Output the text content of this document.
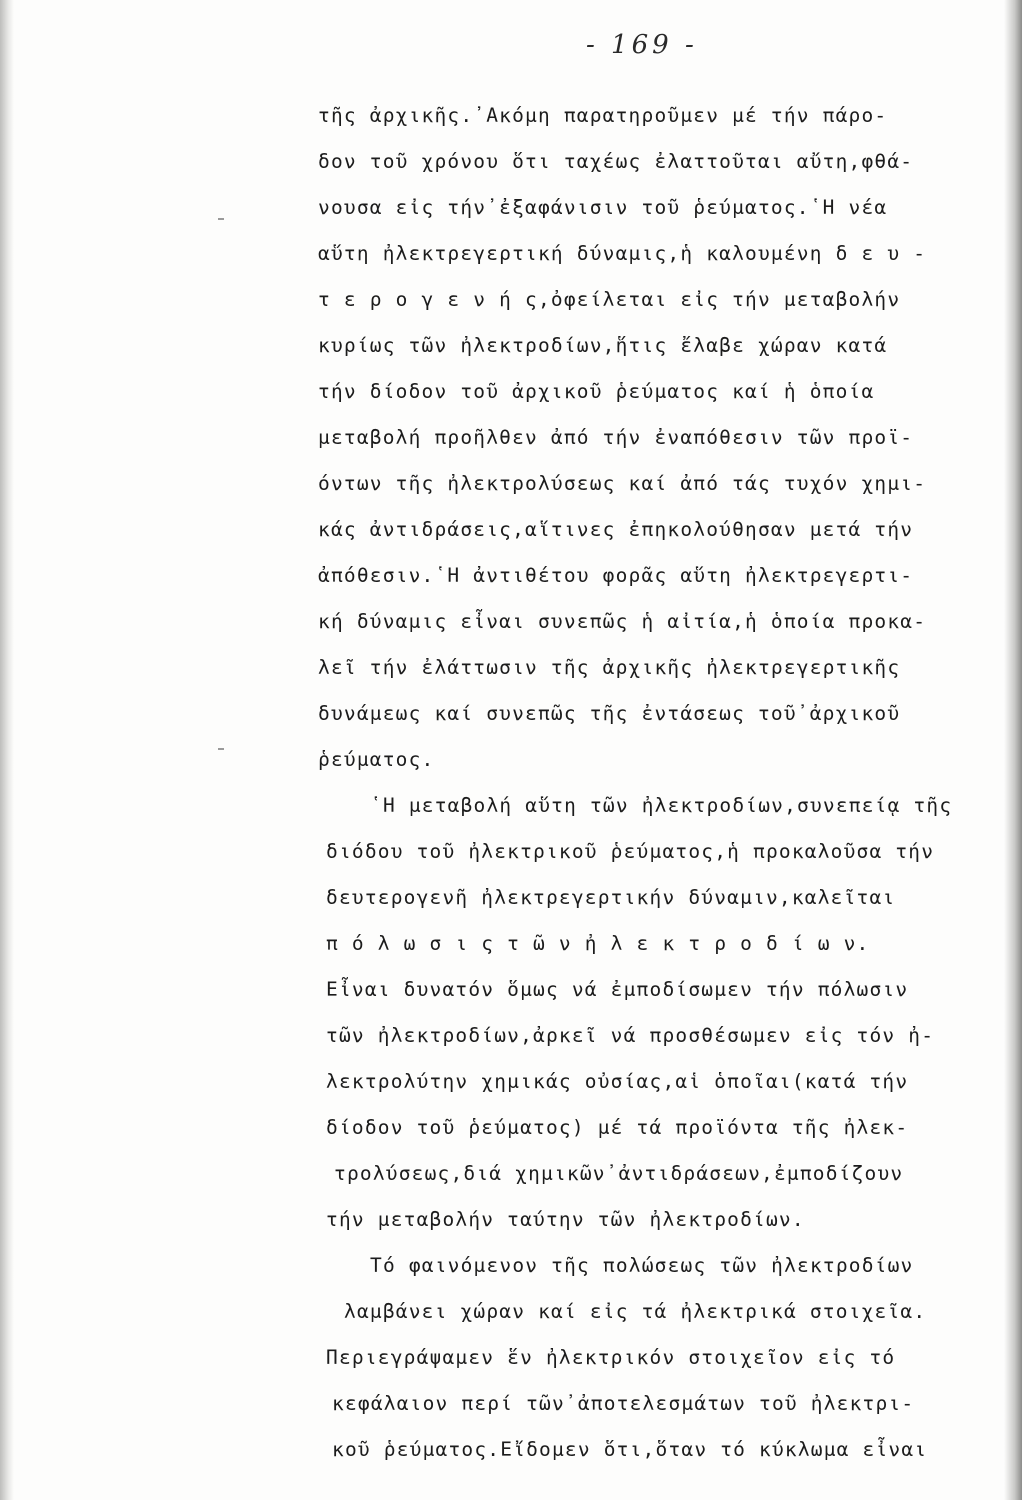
- 169 -
τῆς ἀρχικῆς.᾿Ακόμη παρατηροῦμεν μέ τήν πάρο-
δον τοῦ χρόνου ὅτι ταχέως ἐλαττοῦται αὔτη,φθά-
νουσα εἰς τήν᾿ἐξαφάνισιν τοῦ ῥεύματος.῾Η νέα
αὕτη ἠλεκτρεγερτική δύναμις,ἡ καλουμένη δ ε υ -
τ ε ρ ο γ ε ν ή ς,ὀφείλεται εἰς τήν μεταβολήν
κυρίως τῶν ἠλεκτροδίων,ἥτις ἔλαβε χώραν κατά
τήν δίοδον τοῦ ἀρχικοῦ ῥεύματος καί ἡ ὁποία
μεταβολή προῆλθεν ἀπό τήν ἐναπόθεσιν τῶν προϊ-
όντων τῆς ἠλεκτρολύσεως καί ἀπό τάς τυχόν χημι-
κάς ἀντιδράσεις,αἵτινες ἐπηκολούθησαν μετά τήν
ἀπόθεσιν.῾Η ἀντιθέτου φορᾶς αὕτη ἠλεκτρεγερτι-
κή δύναμις εἶναι συνεπῶς ἡ αἰτία,ἡ ὁποία προκα-
λεῖ τήν ἐλάττωσιν τῆς ἀρχικῆς ἠλεκτρεγερτικῆς
δυνάμεως καί συνεπῶς τῆς ἐντάσεως τοῦ᾿ἀρχικοῦ
ῥεύματος.
῾Η μεταβολή αὕτη τῶν ἠλεκτροδίων,συνεπείᾳ τῆς
διόδου τοῦ ἠλεκτρικοῦ ῥεύματος,ἡ προκαλοῦσα τήν
δευτερογενῆ ἠλεκτρεγερτικήν δύναμιν,καλεῖται
π ό λ ω σ ι ς τ ῶ ν ἠ λ ε κ τ ρ ο δ ί ω ν.
Εἶναι δυνατόν ὅμως νά ἐμποδίσωμεν τήν πόλωσιν
τῶν ἠλεκτροδίων,ἀρκεῖ νά προσθέσωμεν εἰς τόν ἠ-
λεκτρολύτην χημικάς οὐσίας,αἱ ὁποῖαι(κατά τήν
δίοδον τοῦ ῥεύματος) μέ τά προϊόντα τῆς ἠλεκ-
τρολύσεως,διά χημικῶν᾿ἀντιδράσεων,ἐμποδίζουν
τήν μεταβολήν ταύτην τῶν ἠλεκτροδίων.
Τό φαινόμενον τῆς πολώσεως τῶν ἠλεκτροδίων
λαμβάνει χώραν καί εἰς τά ἠλεκτρικά στοιχεῖα.
Περιεγράψαμεν ἕν ἠλεκτρικόν στοιχεῖον εἰς τό
κεφάλαιον περί τῶν᾿ἀποτελεσμάτων τοῦ ἠλεκτρι-
κοῦ ῥεύματος.Εἴδομεν ὅτι,ὅταν τό κύκλωμα εἶναι
